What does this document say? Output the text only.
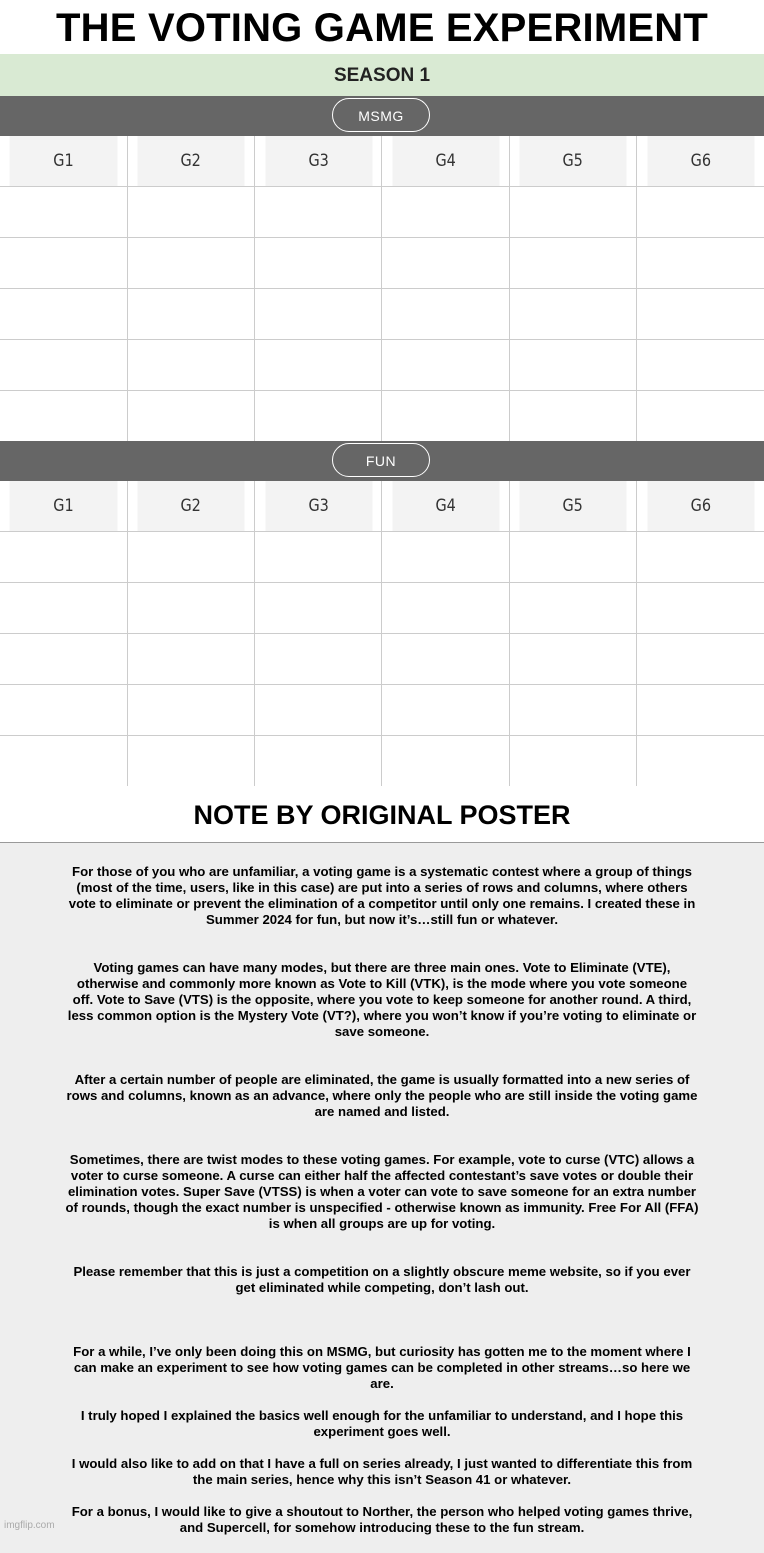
THE VOTING GAME EXPERIMENT
SEASON 1
MSMG
G1	G2	G3	G4	G5	G6

FUN
G1	G2	G3	G4	G5	G6

NOTE BY ORIGINAL POSTER

For those of you who are unfamiliar, a voting game is a systematic contest where a group of things
(most of the time, users, like in this case) are put into a series of rows and columns, where others
vote to eliminate or prevent the elimination of a competitor until only one remains. I created these in
Summer 2024 for fun, but now it’s…still fun or whatever.

Voting games can have many modes, but there are three main ones. Vote to Eliminate (VTE),
otherwise and commonly more known as Vote to Kill (VTK), is the mode where you vote someone
off. Vote to Save (VTS) is the opposite, where you vote to keep someone for another round. A third,
less common option is the Mystery Vote (VT?), where you won’t know if you’re voting to eliminate or
save someone.

After a certain number of people are eliminated, the game is usually formatted into a new series of
rows and columns, known as an advance, where only the people who are still inside the voting game
are named and listed.

Sometimes, there are twist modes to these voting games. For example, vote to curse (VTC) allows a
voter to curse someone. A curse can either half the affected contestant’s save votes or double their
elimination votes. Super Save (VTSS) is when a voter can vote to save someone for an extra number
of rounds, though the exact number is unspecified - otherwise known as immunity. Free For All (FFA)
is when all groups are up for voting.

Please remember that this is just a competition on a slightly obscure meme website, so if you ever
get eliminated while competing, don’t lash out.

For a while, I’ve only been doing this on MSMG, but curiosity has gotten me to the moment where I
can make an experiment to see how voting games can be completed in other streams…so here we
are.

I truly hoped I explained the basics well enough for the unfamiliar to understand, and I hope this
experiment goes well.

I would also like to add on that I have a full on series already, I just wanted to differentiate this from
the main series, hence why this isn’t Season 41 or whatever.

For a bonus, I would like to give a shoutout to Norther, the person who helped voting games thrive,
and Supercell, for somehow introducing these to the fun stream.

imgflip.com
